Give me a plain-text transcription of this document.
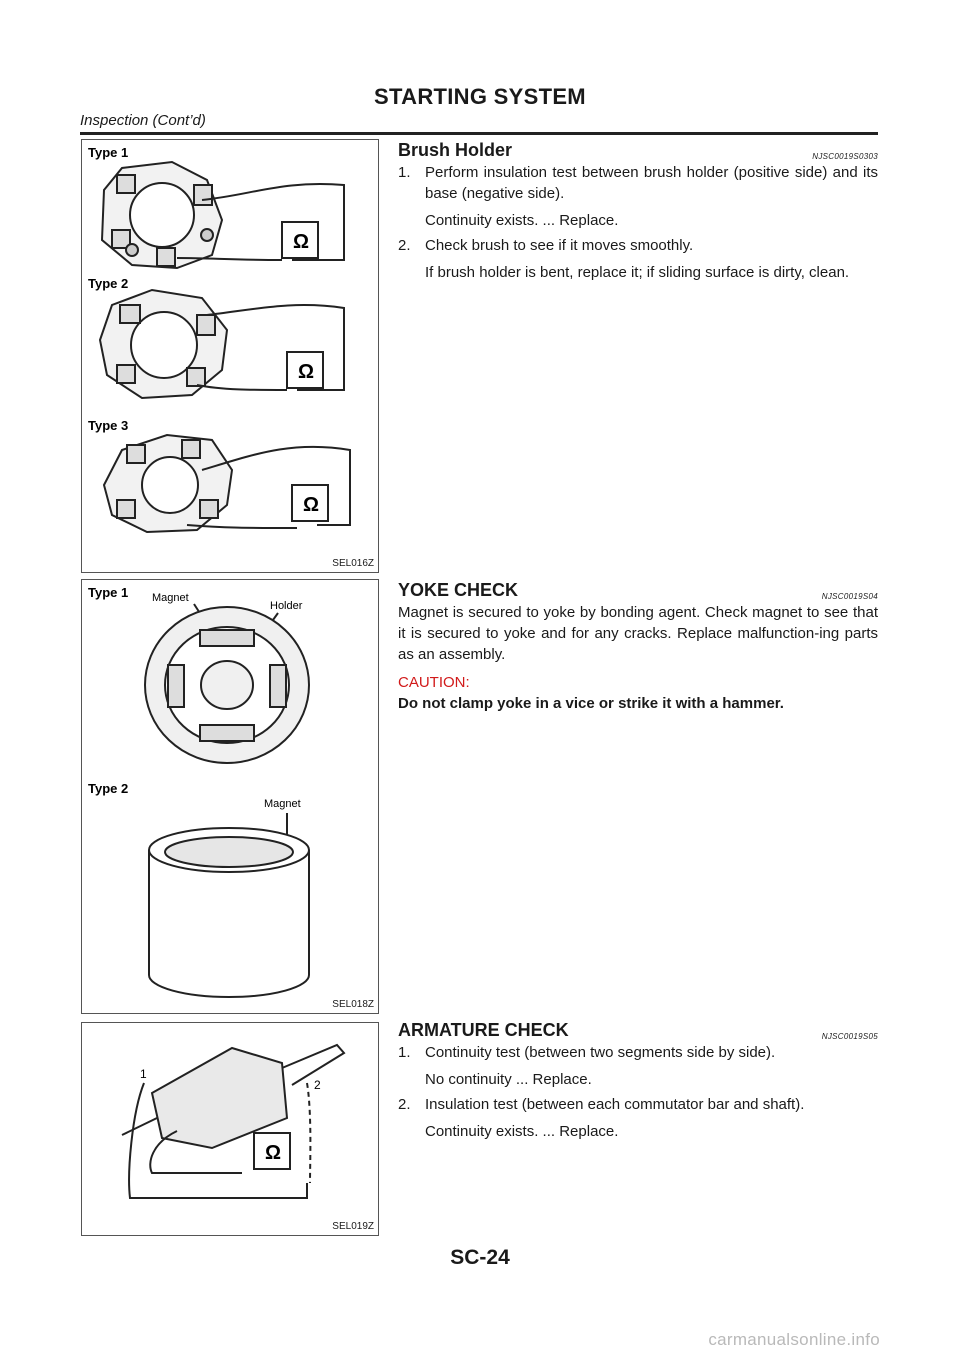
STARTING SYSTEM
Inspection (Cont’d)
Type 1
Type 2
Type 3
Ω
Ω
Ω
SEL016Z
Brush Holder	NJSC0019S0303
1. Perform insulation test between brush holder (positive side) and its base (negative side).
Continuity exists. ... Replace.
2. Check brush to see if it moves smoothly.
If brush holder is bent, replace it; if sliding surface is dirty, clean.
Type 1 Magnet
Holder
Type 2
Magnet
SEL018Z
YOKE CHECK	NJSC0019S04
Magnet is secured to yoke by bonding agent. Check magnet to see that it is secured to yoke and for any cracks. Replace malfunction-ing parts as an assembly.
CAUTION:
Do not clamp yoke in a vice or strike it with a hammer.
1
2
Ω
SEL019Z
ARMATURE CHECK	NJSC0019S05
1. Continuity test (between two segments side by side).
No continuity ... Replace.
2. Insulation test (between each commutator bar and shaft).
Continuity exists. ... Replace.
SC-24
carmanualsonline.info
